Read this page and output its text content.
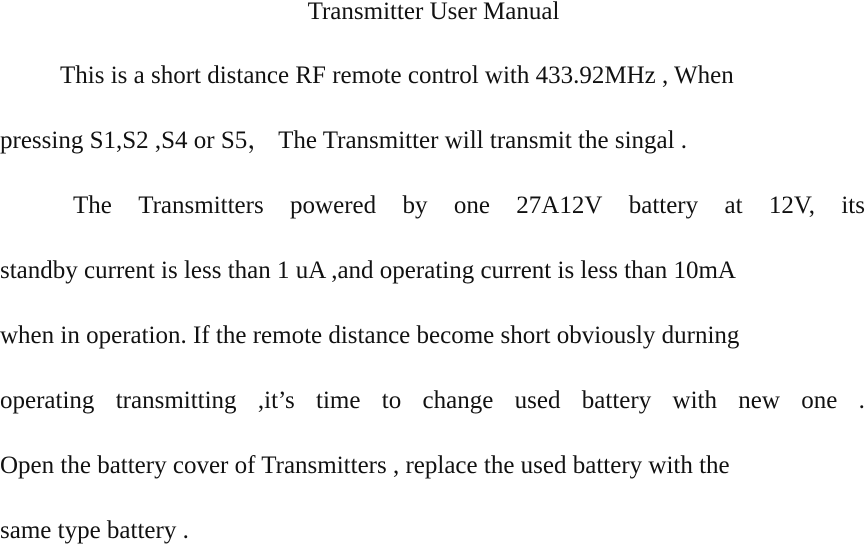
Transmitter User Manual
This is a short distance RF remote control with 433.92MHz , When
pressing S1,S2 ,S4 or S5， The Transmitter will transmit the singal .
The Transmitters powered by one 27A12V battery at 12V, its
standby current is less than 1 uA ,and operating current is less than 10mA
when in operation. If the remote distance become short obviously durning
operating transmitting ,it’s time to change used battery with new one .
Open the battery cover of Transmitters , replace the used battery with the
same type battery .
